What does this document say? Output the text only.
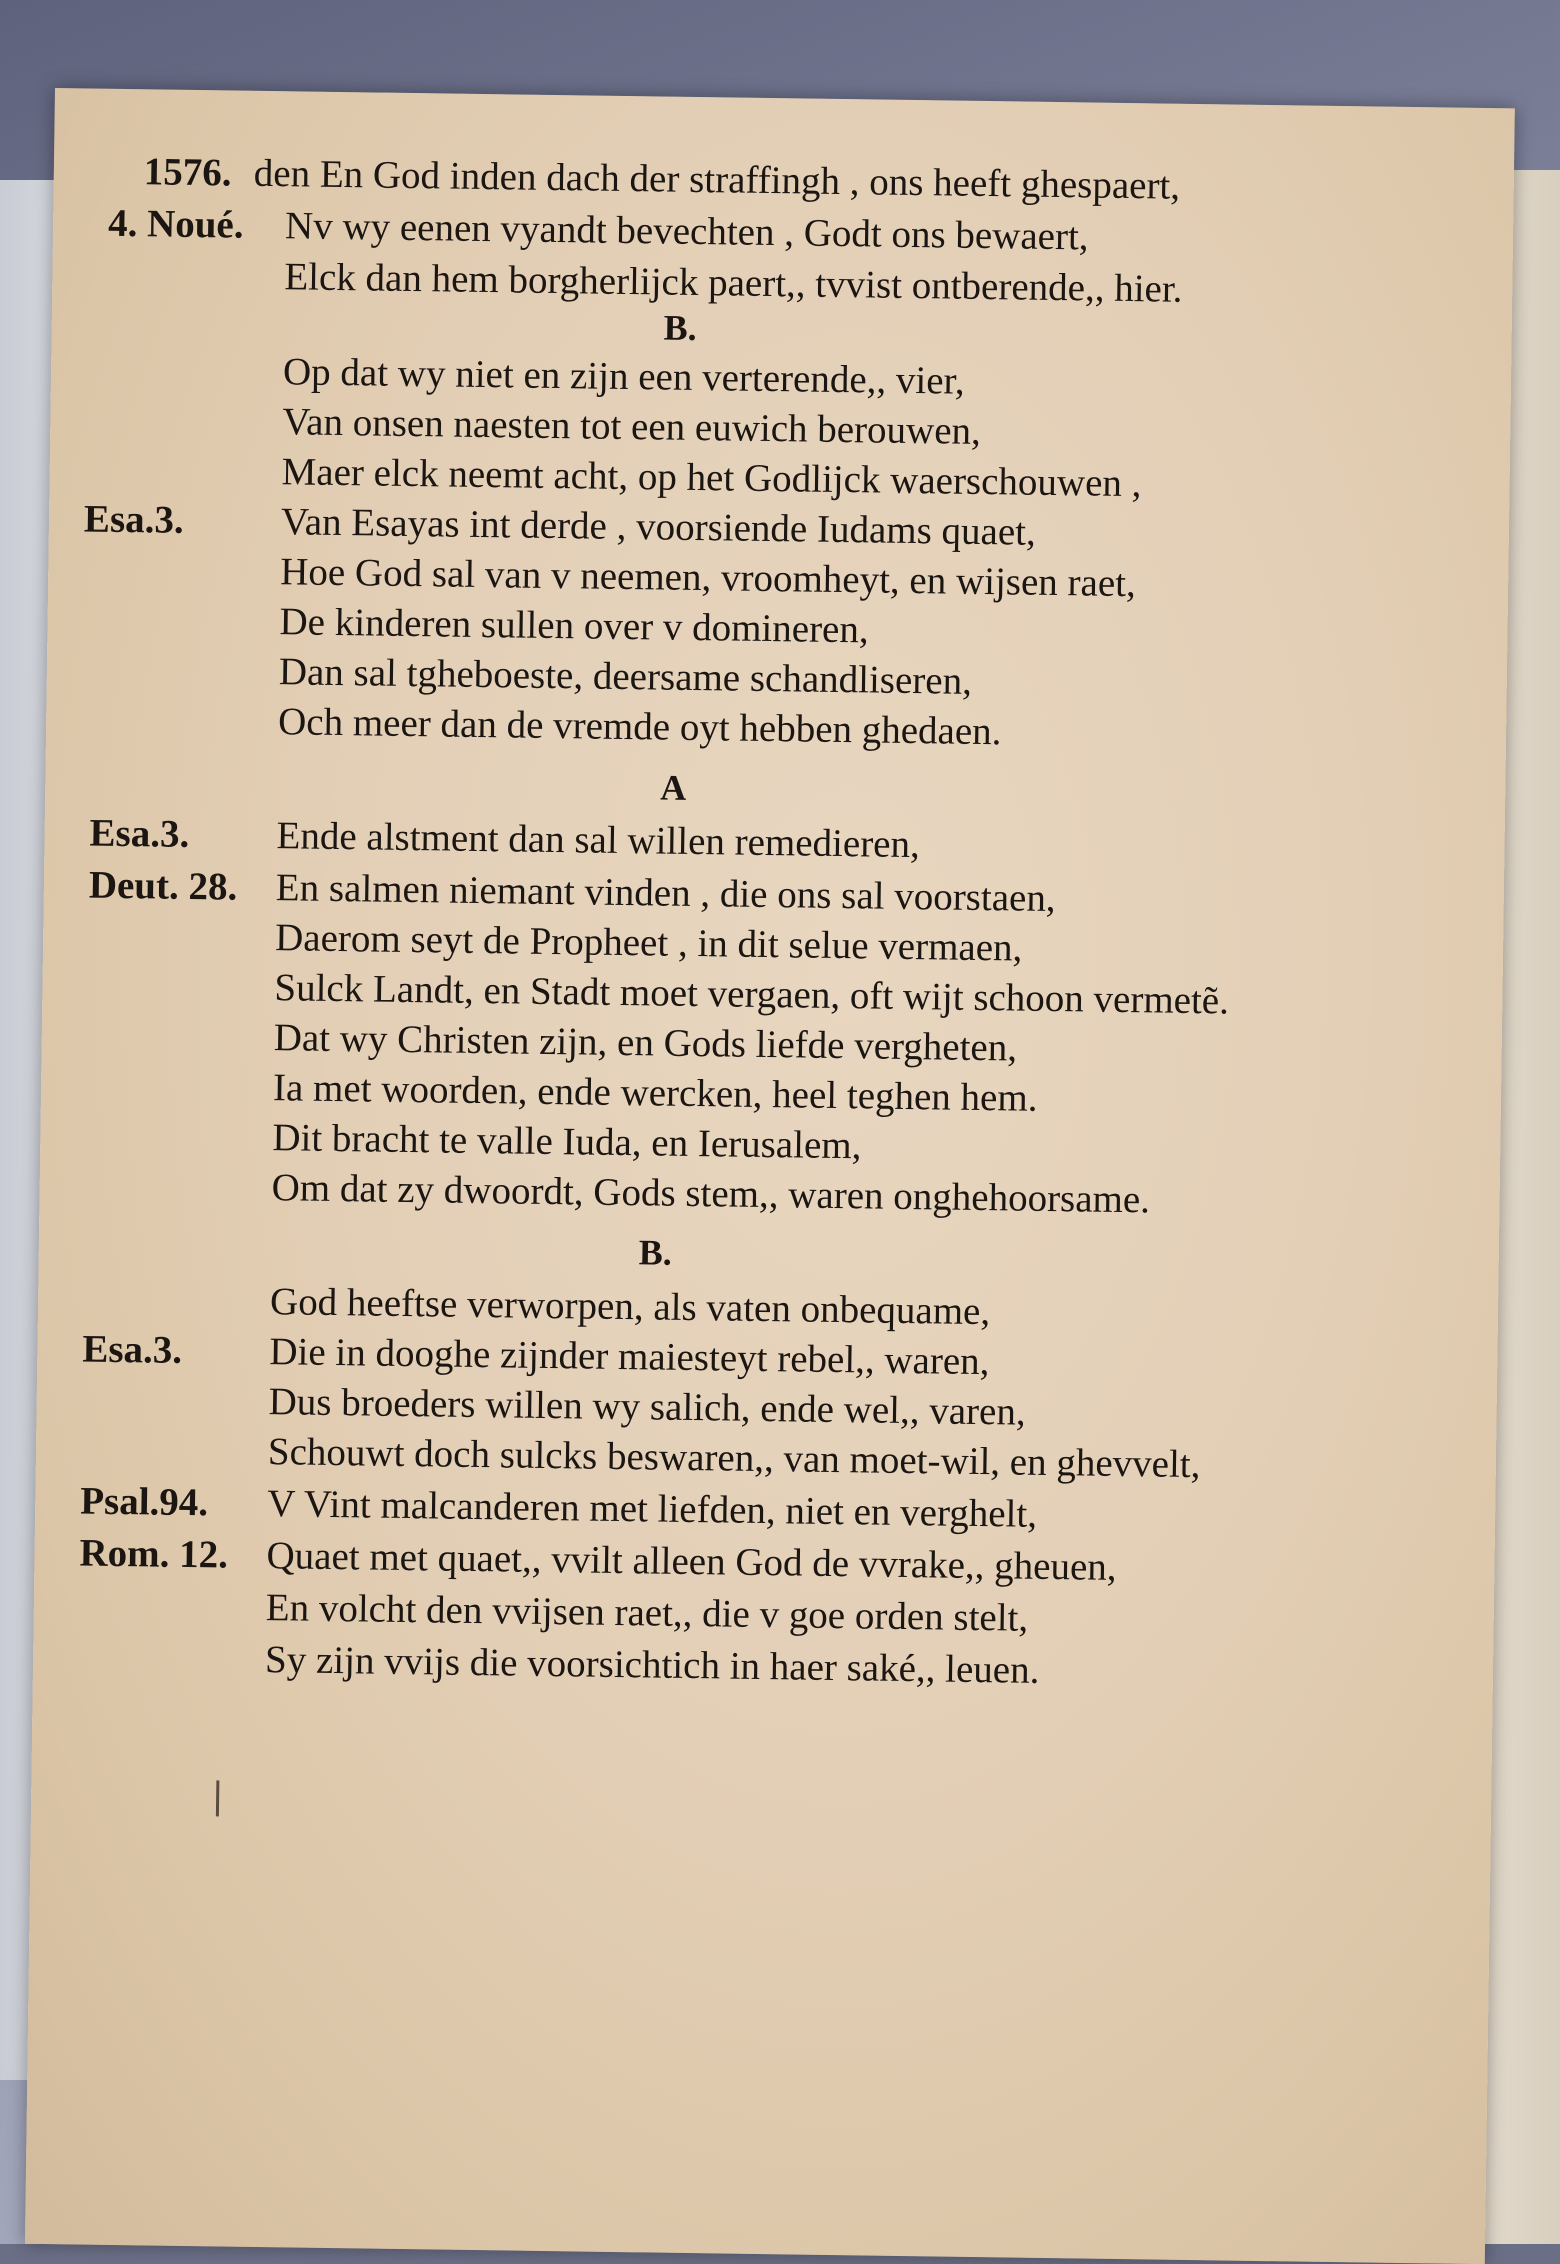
1576.
4. Noué.
den En God inden dach der straffingh , ons heeft ghespaert,
Nv wy eenen vyandt bevechten , Godt ons bewaert,
Elck dan hem borgherlijck paert,, tvvist ontberende,, hier.
B.
Op dat wy niet en zijn een verterende,, vier,
Van onsen naesten tot een euwich berouwen,
Maer elck neemt acht, op het Godlijck waerschouwen ,
Esa.3. Van Esayas int derde , voorsiende Iudams quaet,
Hoe God sal van v neemen, vroomheyt, en wijsen raet,
De kinderen sullen over v domineren,
Dan sal tgheboeste, deersame schandliseren,
Och meer dan de vremde oyt hebben ghedaen.
A
Esa.3. Ende alstment dan sal willen remedieren,
Deut. 28. En salmen niemant vinden , die ons sal voorstaen,
Daerom seyt de Propheet , in dit selue vermaen,
Sulck Landt, en Stadt moet vergaen, oft wijt schoon vermetẽ.
Dat wy Christen zijn, en Gods liefde vergheten,
Ia met woorden, ende wercken, heel teghen hem.
Dit bracht te valle Iuda, en Ierusalem,
Om dat zy dwoordt, Gods stem,, waren onghehoorsame.
B.
God heeftse verworpen, als vaten onbequame,
Esa.3. Die in dooghe zijnder maiesteyt rebel,, waren,
Dus broeders willen wy salich, ende wel,, varen,
Schouwt doch sulcks beswaren,, van moet-wil, en ghevvelt,
Psal.94. V Vint malcanderen met liefden, niet en verghelt,
Rom. 12. Quaet met quaet,, vvilt alleen God de vvrake,, gheuen,
En volcht den vvijsen raet,, die v goe orden stelt,
Sy zijn vvijs die voorsichtich in haer saké,, leuen.
